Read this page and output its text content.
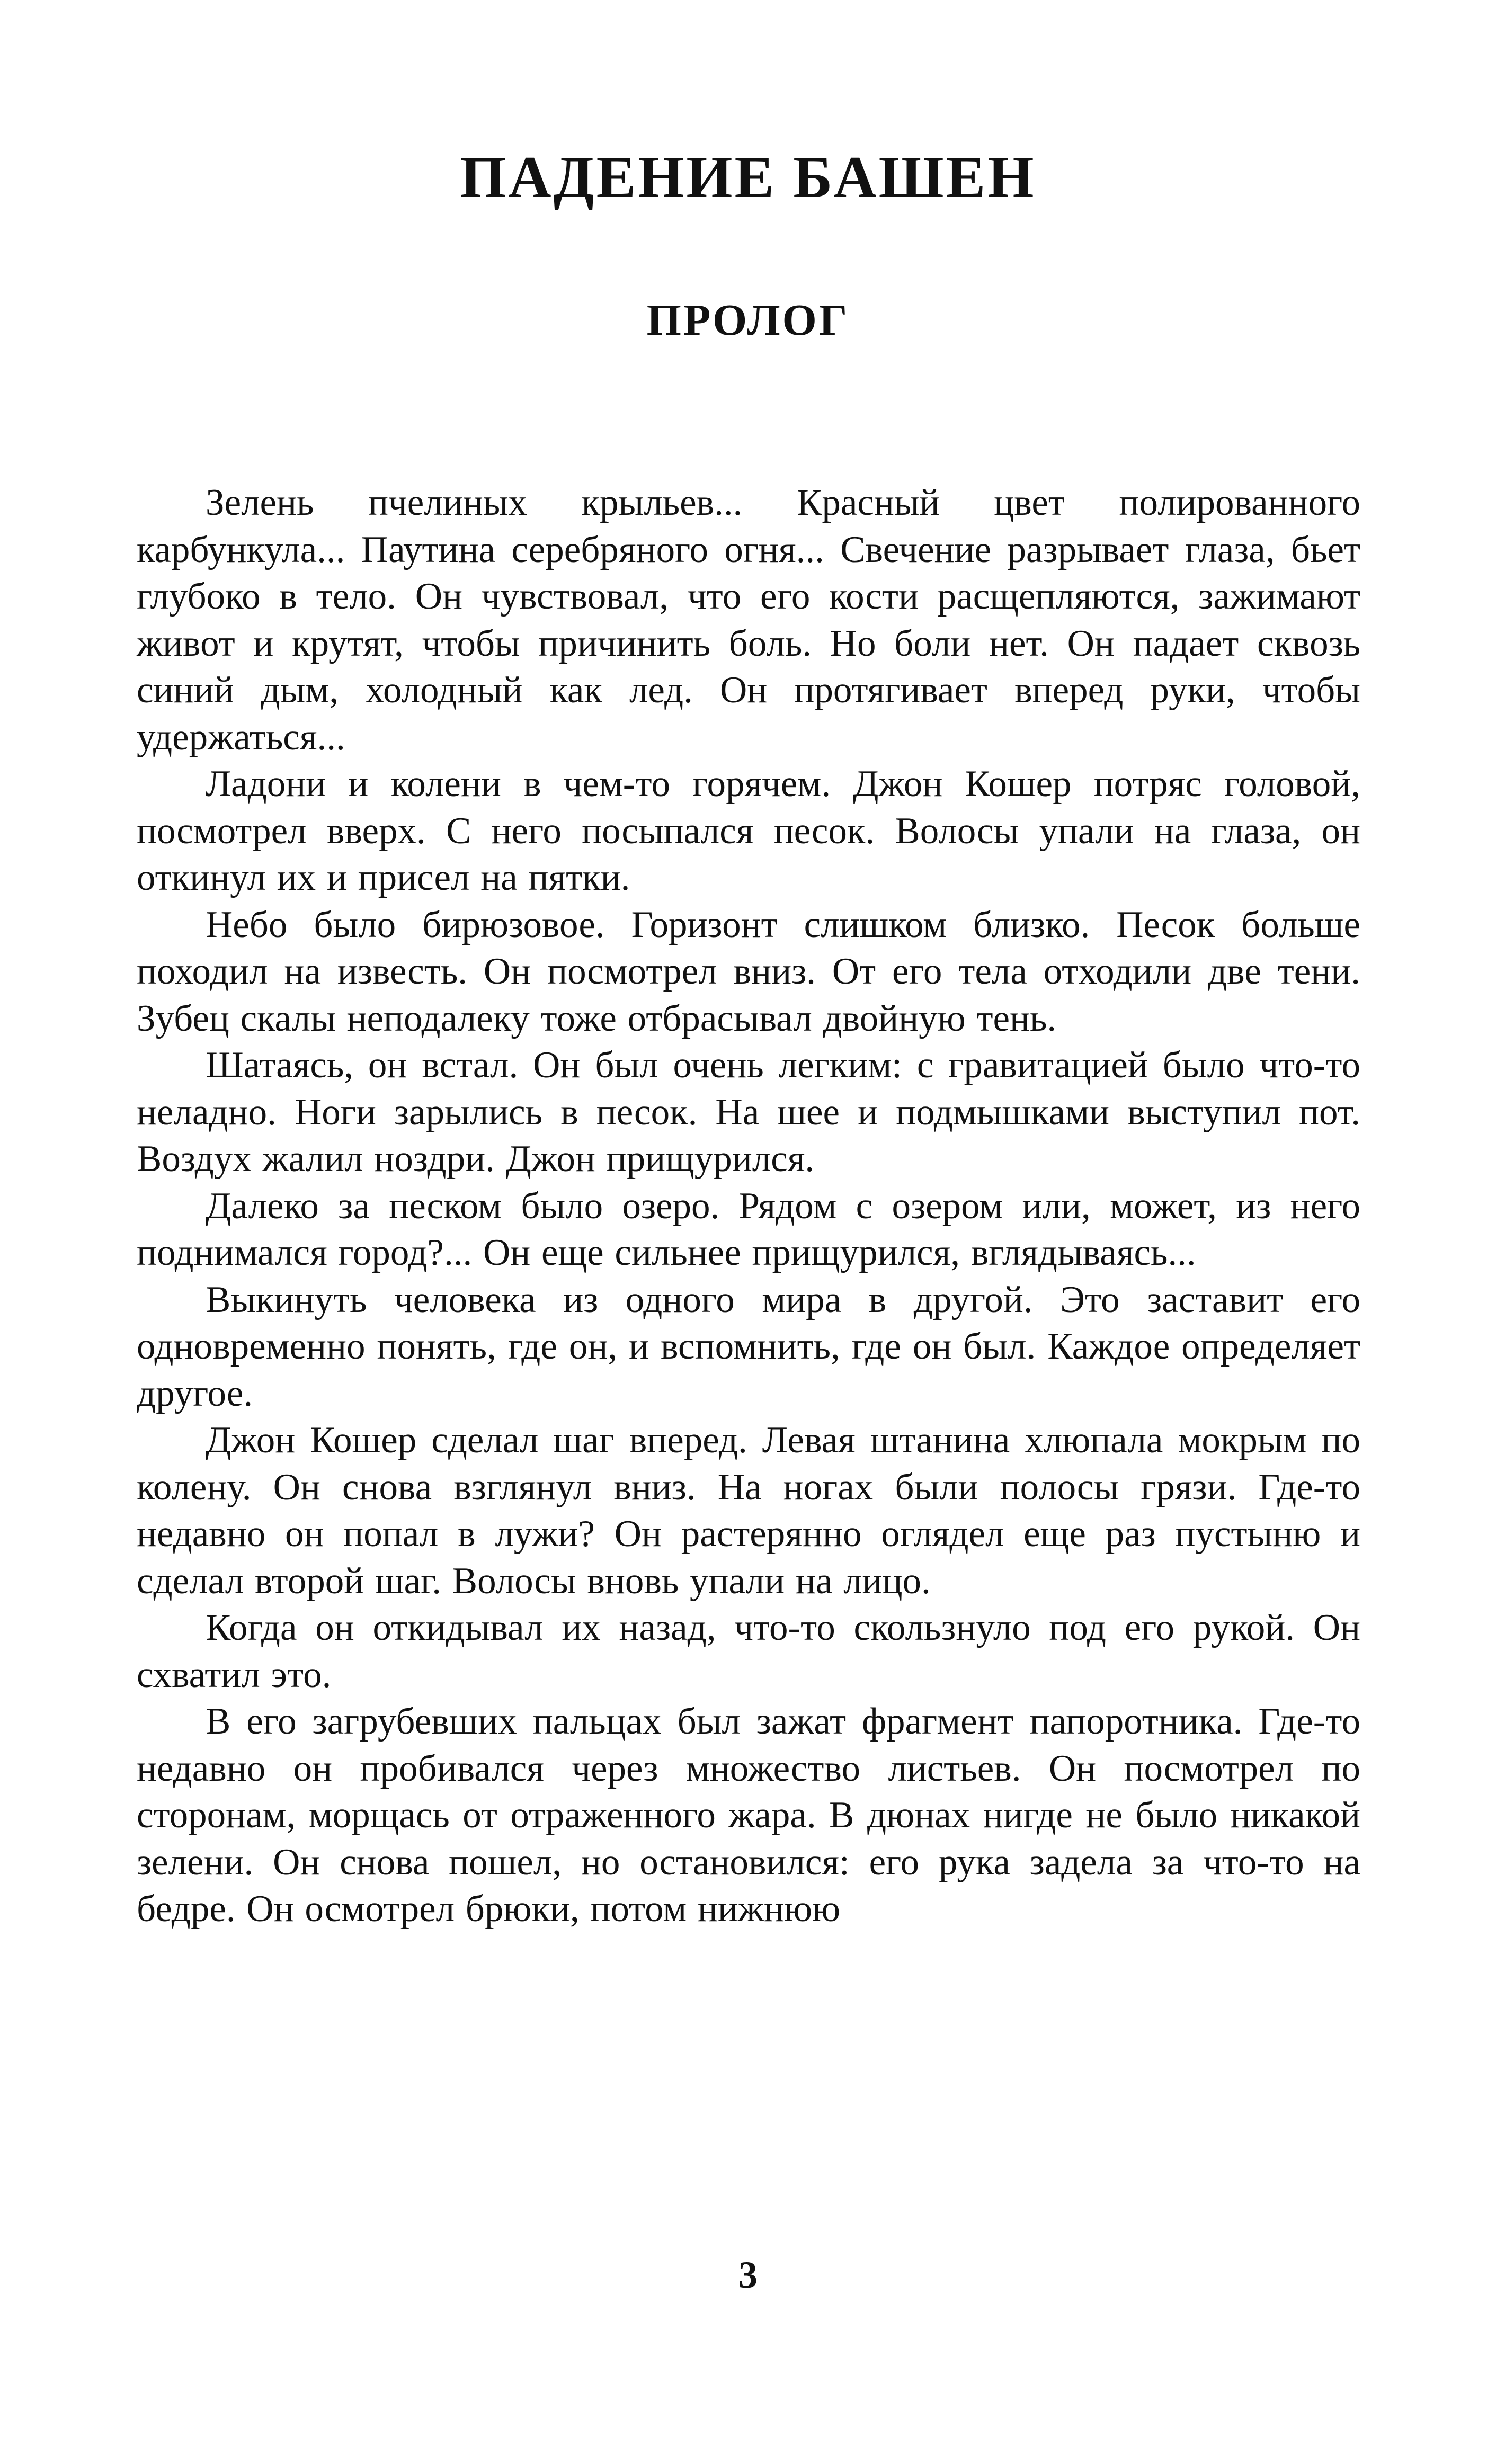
ПАДЕНИЕ БАШЕН
ПРОЛОГ

Зелень пчелиных крыльев... Красный цвет полированного карбункула... Паутина серебряного огня... Свечение разрывает глаза, бьет глубоко в тело. Он чувствовал, что его кости расщепляются, зажимают живот и крутят, чтобы причинить боль. Но боли нет. Он падает сквозь синий дым, холодный как лед. Он протягивает вперед руки, чтобы удержаться...

Ладони и колени в чем-то горячем. Джон Кошер потряс головой, посмотрел вверх. С него посыпался песок. Волосы упали на глаза, он откинул их и присел на пятки.

Небо было бирюзовое. Горизонт слишком близко. Песок больше походил на известь. Он посмотрел вниз. От его тела отходили две тени. Зубец скалы неподалеку тоже отбрасывал двойную тень.

Шатаясь, он встал. Он был очень легким: с гравитацией было что-то неладно. Ноги зарылись в песок. На шее и подмышками выступил пот. Воздух жалил ноздри. Джон прищурился.

Далеко за песком было озеро. Рядом с озером или, может, из него поднимался город?... Он еще сильнее прищурился, вглядываясь...

Выкинуть человека из одного мира в другой. Это заставит его одновременно понять, где он, и вспомнить, где он был. Каждое определяет другое.

Джон Кошер сделал шаг вперед. Левая штанина хлюпала мокрым по колену. Он снова взглянул вниз. На ногах были полосы грязи. Где-то недавно он попал в лужи? Он растерянно оглядел еще раз пустыню и сделал второй шаг. Волосы вновь упали на лицо.

Когда он откидывал их назад, что-то скользнуло под его рукой. Он схватил это.

В его загрубевших пальцах был зажат фрагмент папоротника. Где-то недавно он пробивался через множество листьев. Он посмотрел по сторонам, морщась от отраженного жара. В дюнах нигде не было никакой зелени. Он снова пошел, но остановился: его рука задела за что-то на бедре. Он осмотрел брюки, потом нижнюю

3
